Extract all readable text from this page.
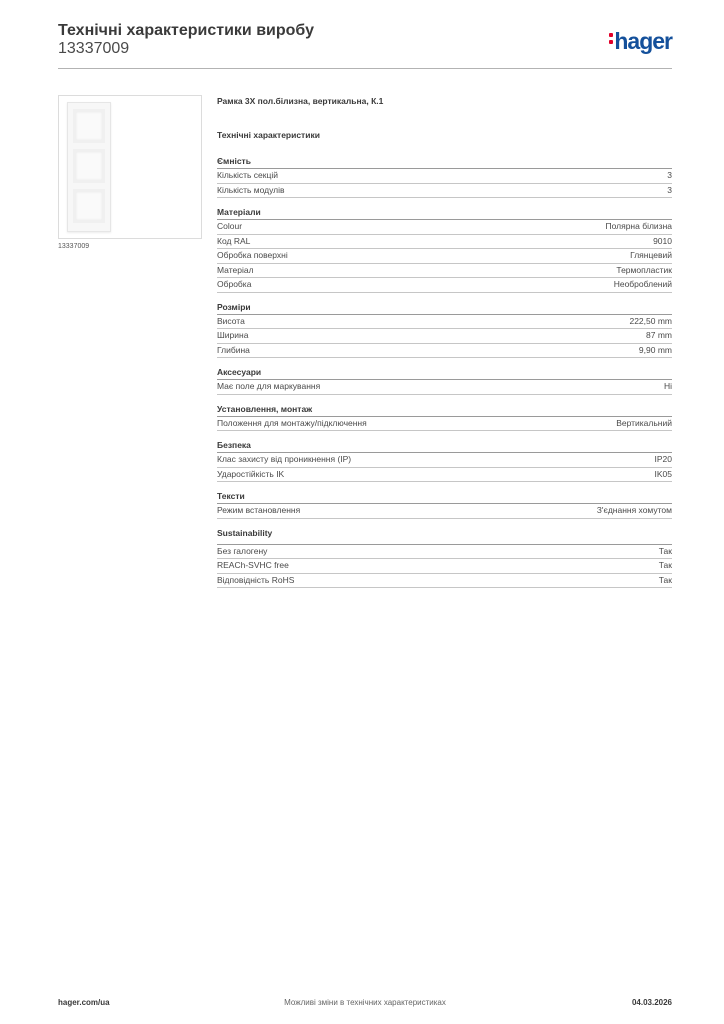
Технічні характеристики виробу
13337009	hager
13337009
Рамка 3Х пол.білизна, вертикальна, К.1
Технічні характеристики
Ємність
Кількість секцій	3
Кількість модулів	3
Матеріали
Colour	Полярна білизна
Код RAL	9010
Обробка поверхні	Глянцевий
Матеріал	Термопластик
Обробка	Необроблений
Розміри
Висота	222,50 mm
Ширина	87 mm
Глибина	9,90 mm
Аксесуари
Має поле для маркування	Ні
Установлення, монтаж
Положення для монтажу/підключення	Вертикальний
Безпека
Клас захисту від проникнення (IP)	IP20
Ударостійкість IK	IK05
Тексти
Режим встановлення	З'єднання хомутом
Sustainability
Без галогену	Так
REACh-SVHC free	Так
Відповідність RoHS	Так
Можливі зміни в технічних характеристиках
hager.com/ua	04.03.2026
